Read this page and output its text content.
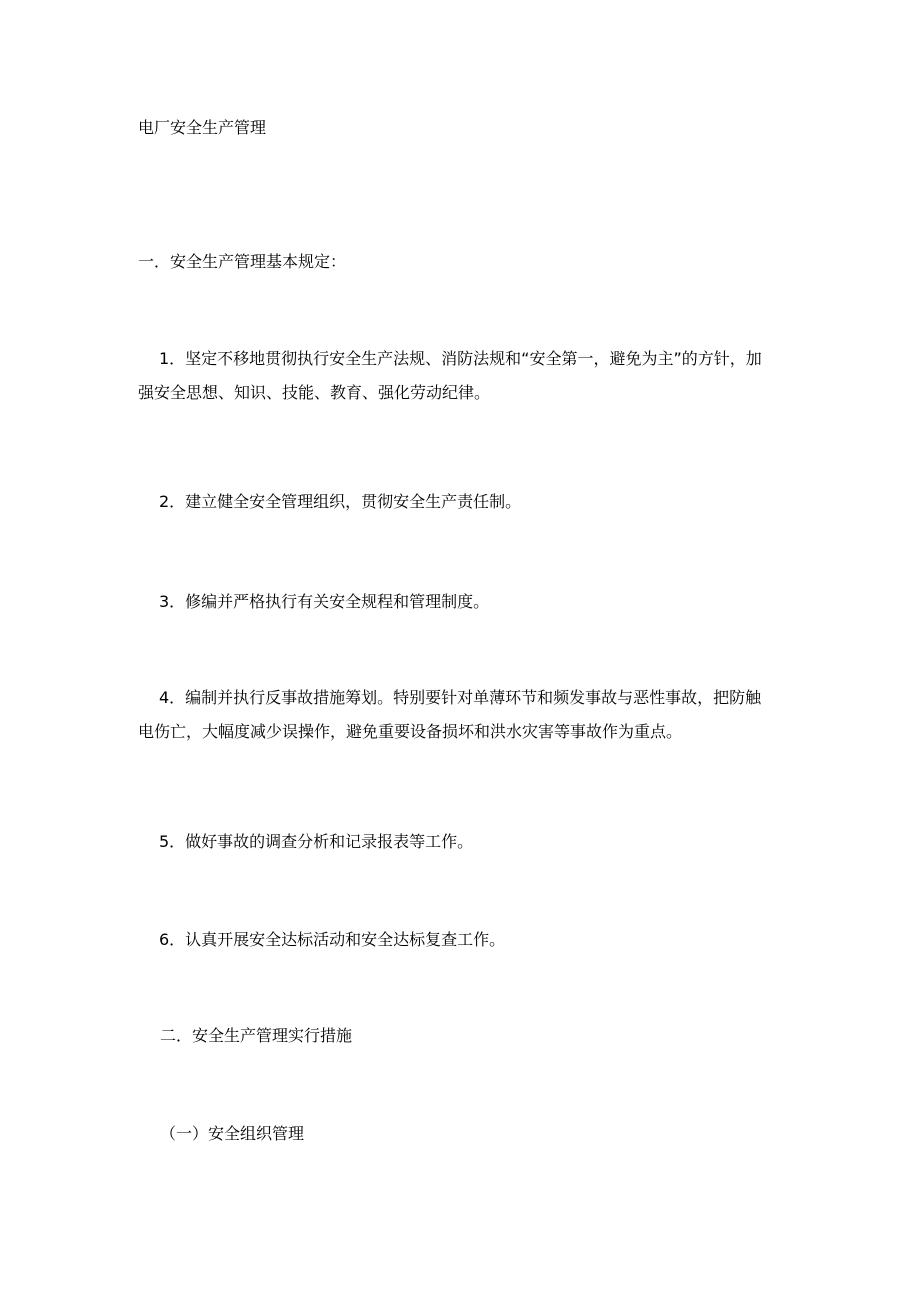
电厂安全生产管理

一．安全生产管理基本规定：

1．坚定不移地贯彻执行安全生产法规、消防法规和“安全第一，避免为主”的方针，加强安全思想、知识、技能、教育、强化劳动纪律。

2．建立健全安全管理组织，贯彻安全生产责任制。

3．修编并严格执行有关安全规程和管理制度。

4．编制并执行反事故措施筹划。特别要针对单薄环节和频发事故与恶性事故，把防触电伤亡，大幅度减少误操作，避免重要设备损坏和洪水灾害等事故作为重点。

5．做好事故的调查分析和记录报表等工作。

6．认真开展安全达标活动和安全达标复查工作。

二．安全生产管理实行措施

（一）安全组织管理
